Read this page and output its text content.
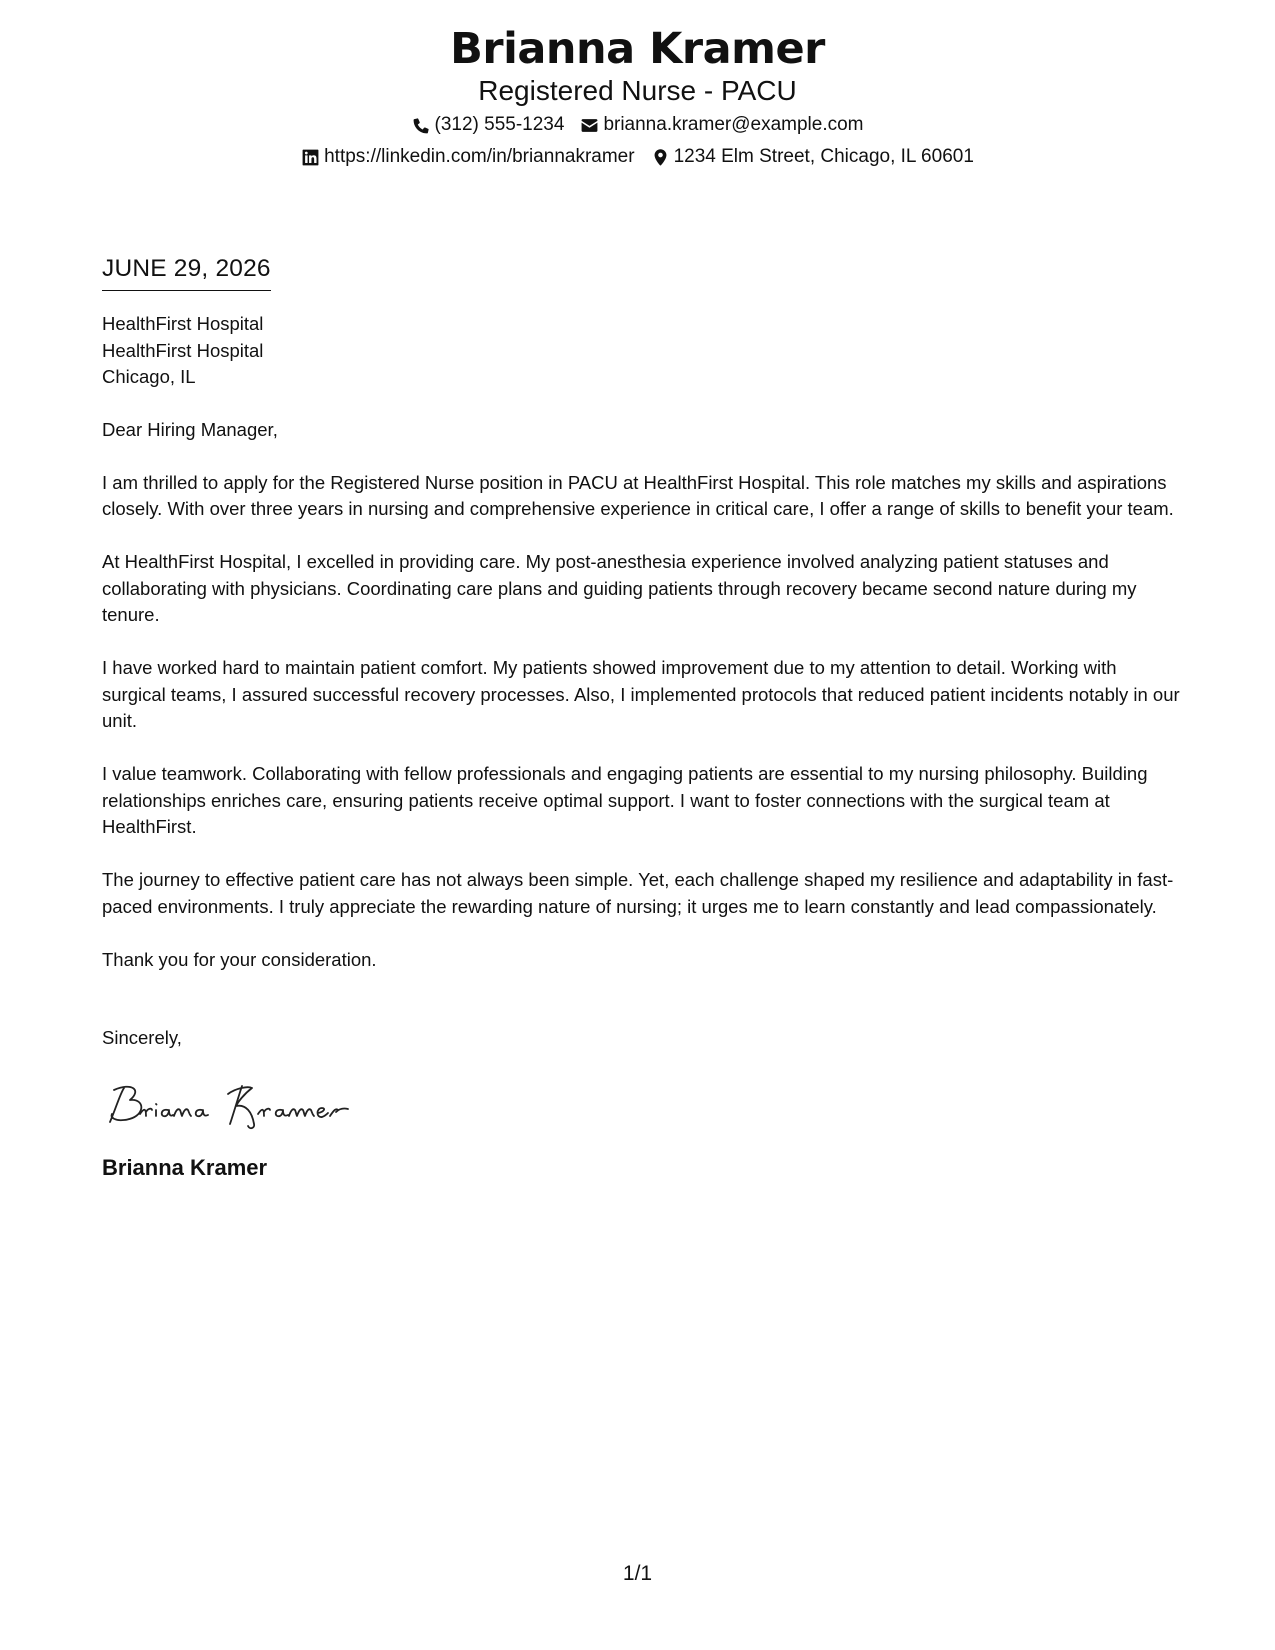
Brianna Kramer
Registered Nurse - PACU
(312) 555-1234 brianna.kramer@example.com
https://linkedin.com/in/briannakramer 1234 Elm Street, Chicago, IL 60601
JUNE 29, 2026
HealthFirst Hospital
HealthFirst Hospital
Chicago, IL
Dear Hiring Manager,
I am thrilled to apply for the Registered Nurse position in PACU at HealthFirst Hospital. This role matches my skills and aspirations closely. With over three years in nursing and comprehensive experience in critical care, I offer a range of skills to benefit your team.
At HealthFirst Hospital, I excelled in providing care. My post-anesthesia experience involved analyzing patient statuses and collaborating with physicians. Coordinating care plans and guiding patients through recovery became second nature during my tenure.
I have worked hard to maintain patient comfort. My patients showed improvement due to my attention to detail. Working with surgical teams, I assured successful recovery processes. Also, I implemented protocols that reduced patient incidents notably in our unit.
I value teamwork. Collaborating with fellow professionals and engaging patients are essential to my nursing philosophy. Building relationships enriches care, ensuring patients receive optimal support. I want to foster connections with the surgical team at HealthFirst.
The journey to effective patient care has not always been simple. Yet, each challenge shaped my resilience and adaptability in fast-paced environments. I truly appreciate the rewarding nature of nursing; it urges me to learn constantly and lead compassionately.
Thank you for your consideration.
Sincerely,
Brianna Kramer
1/1
